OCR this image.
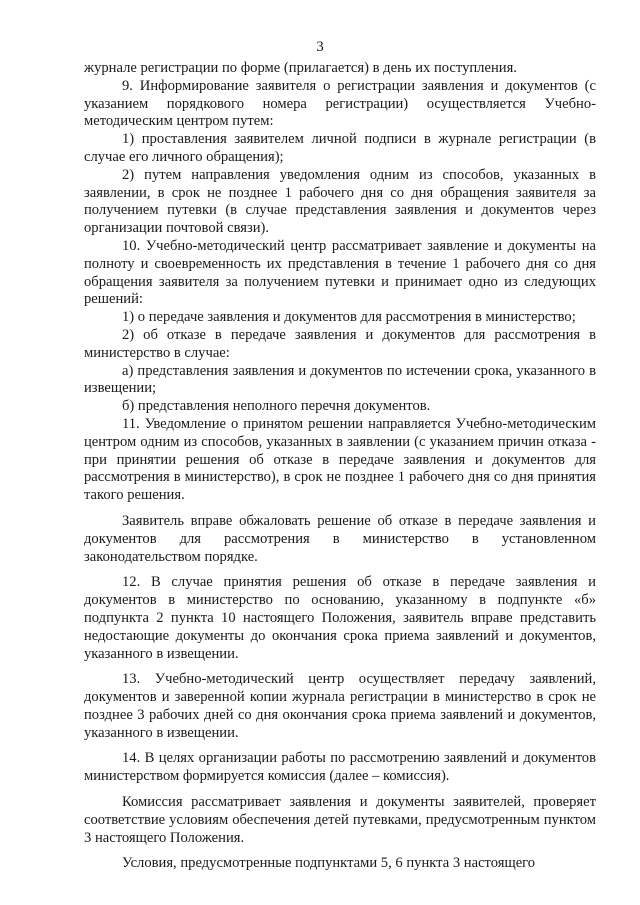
3

журнале регистрации по форме (прилагается) в день их поступления.

9. Информирование заявителя о регистрации заявления и документов (с указанием порядкового номера регистрации) осуществляется Учебно-методическим центром путем:

1) проставления заявителем личной подписи в журнале регистрации (в случае его личного обращения);

2) путем направления уведомления одним из способов, указанных в заявлении, в срок не позднее 1 рабочего дня со дня обращения заявителя за получением путевки (в случае представления заявления и документов через организации почтовой связи).

10. Учебно-методический центр рассматривает заявление и документы на полноту и своевременность их представления в течение 1 рабочего дня со дня обращения заявителя за получением путевки и принимает одно из следующих решений:

1) о передаче заявления и документов для рассмотрения в министерство;

2) об отказе в передаче заявления и документов для рассмотрения в министерство в случае:

а) представления заявления и документов по истечении срока, указанного в извещении;

б) представления неполного перечня документов.

11. Уведомление о принятом решении направляется Учебно-методическим центром одним из способов, указанных в заявлении (с указанием причин отказа - при принятии решения об отказе в передаче заявления и документов для рассмотрения в министерство), в срок не позднее 1 рабочего дня со дня принятия такого решения.

Заявитель вправе обжаловать решение об отказе в передаче заявления и документов для рассмотрения в министерство в установленном законодательством порядке.

12. В случае принятия решения об отказе в передаче заявления и документов в министерство по основанию, указанному в подпункте «б» подпункта 2 пункта 10 настоящего Положения, заявитель вправе представить недостающие документы до окончания срока приема заявлений и документов, указанного в извещении.

13. Учебно-методический центр осуществляет передачу заявлений, документов и заверенной копии журнала регистрации в министерство в срок не позднее 3 рабочих дней со дня окончания срока приема заявлений и документов, указанного в извещении.

14. В целях организации работы по рассмотрению заявлений и документов министерством формируется комиссия (далее – комиссия).

Комиссия рассматривает заявления и документы заявителей, проверяет соответствие условиям обеспечения детей путевками, предусмотренным пунктом 3 настоящего Положения.

Условия, предусмотренные подпунктами 5, 6 пункта 3 настоящего
